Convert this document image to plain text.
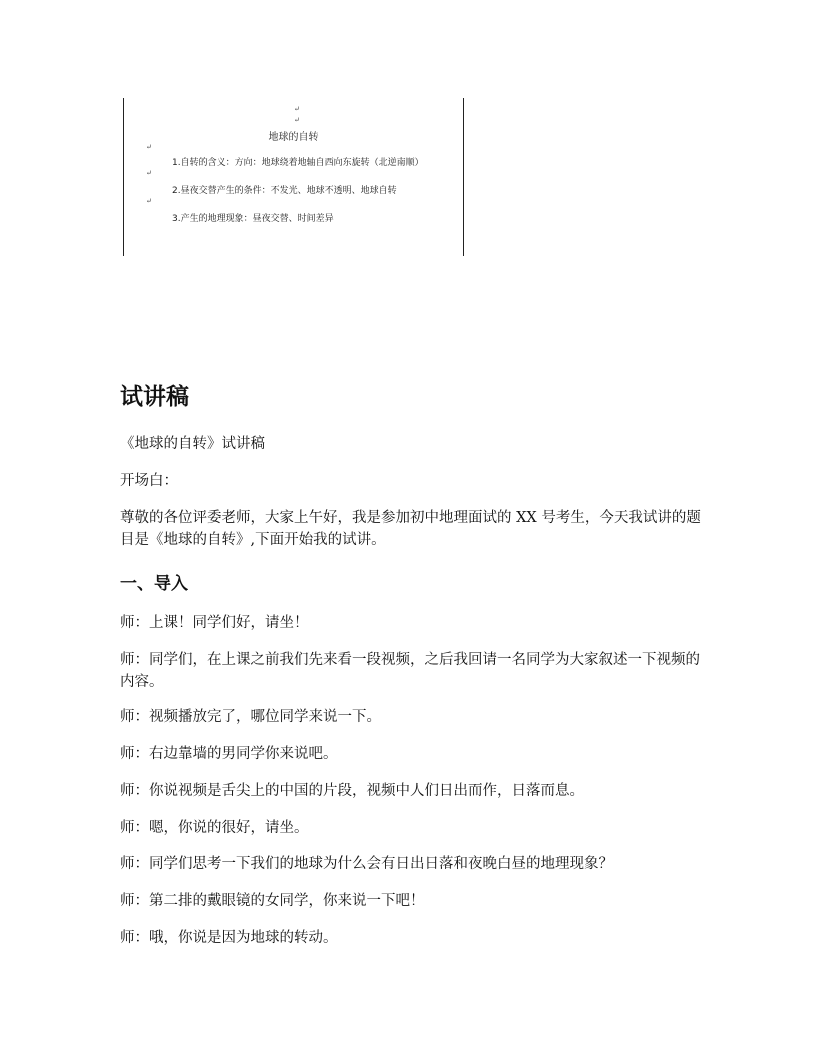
↵
↵
地球的自转
↵
1.自转的含义：方向：地球绕着地轴自西向东旋转（北逆南顺）
↵
2.昼夜交替产生的条件：不发光、地球不透明、地球自转
↵
3.产生的地理现象：昼夜交替、时间差异
试讲稿

《地球的自转》试讲稿

开场白：

尊敬的各位评委老师，大家上午好，我是参加初中地理面试的 XX 号考生，今天我试讲的题目是《地球的自转》,下面开始我的试讲。

一、导入

师：上课！同学们好，请坐！

师：同学们，在上课之前我们先来看一段视频，之后我回请一名同学为大家叙述一下视频的内容。

师：视频播放完了，哪位同学来说一下。

师：右边靠墙的男同学你来说吧。

师：你说视频是舌尖上的中国的片段，视频中人们日出而作，日落而息。

师：嗯，你说的很好，请坐。

师：同学们思考一下我们的地球为什么会有日出日落和夜晚白昼的地理现象？

师：第二排的戴眼镜的女同学，你来说一下吧！

师：哦，你说是因为地球的转动。
